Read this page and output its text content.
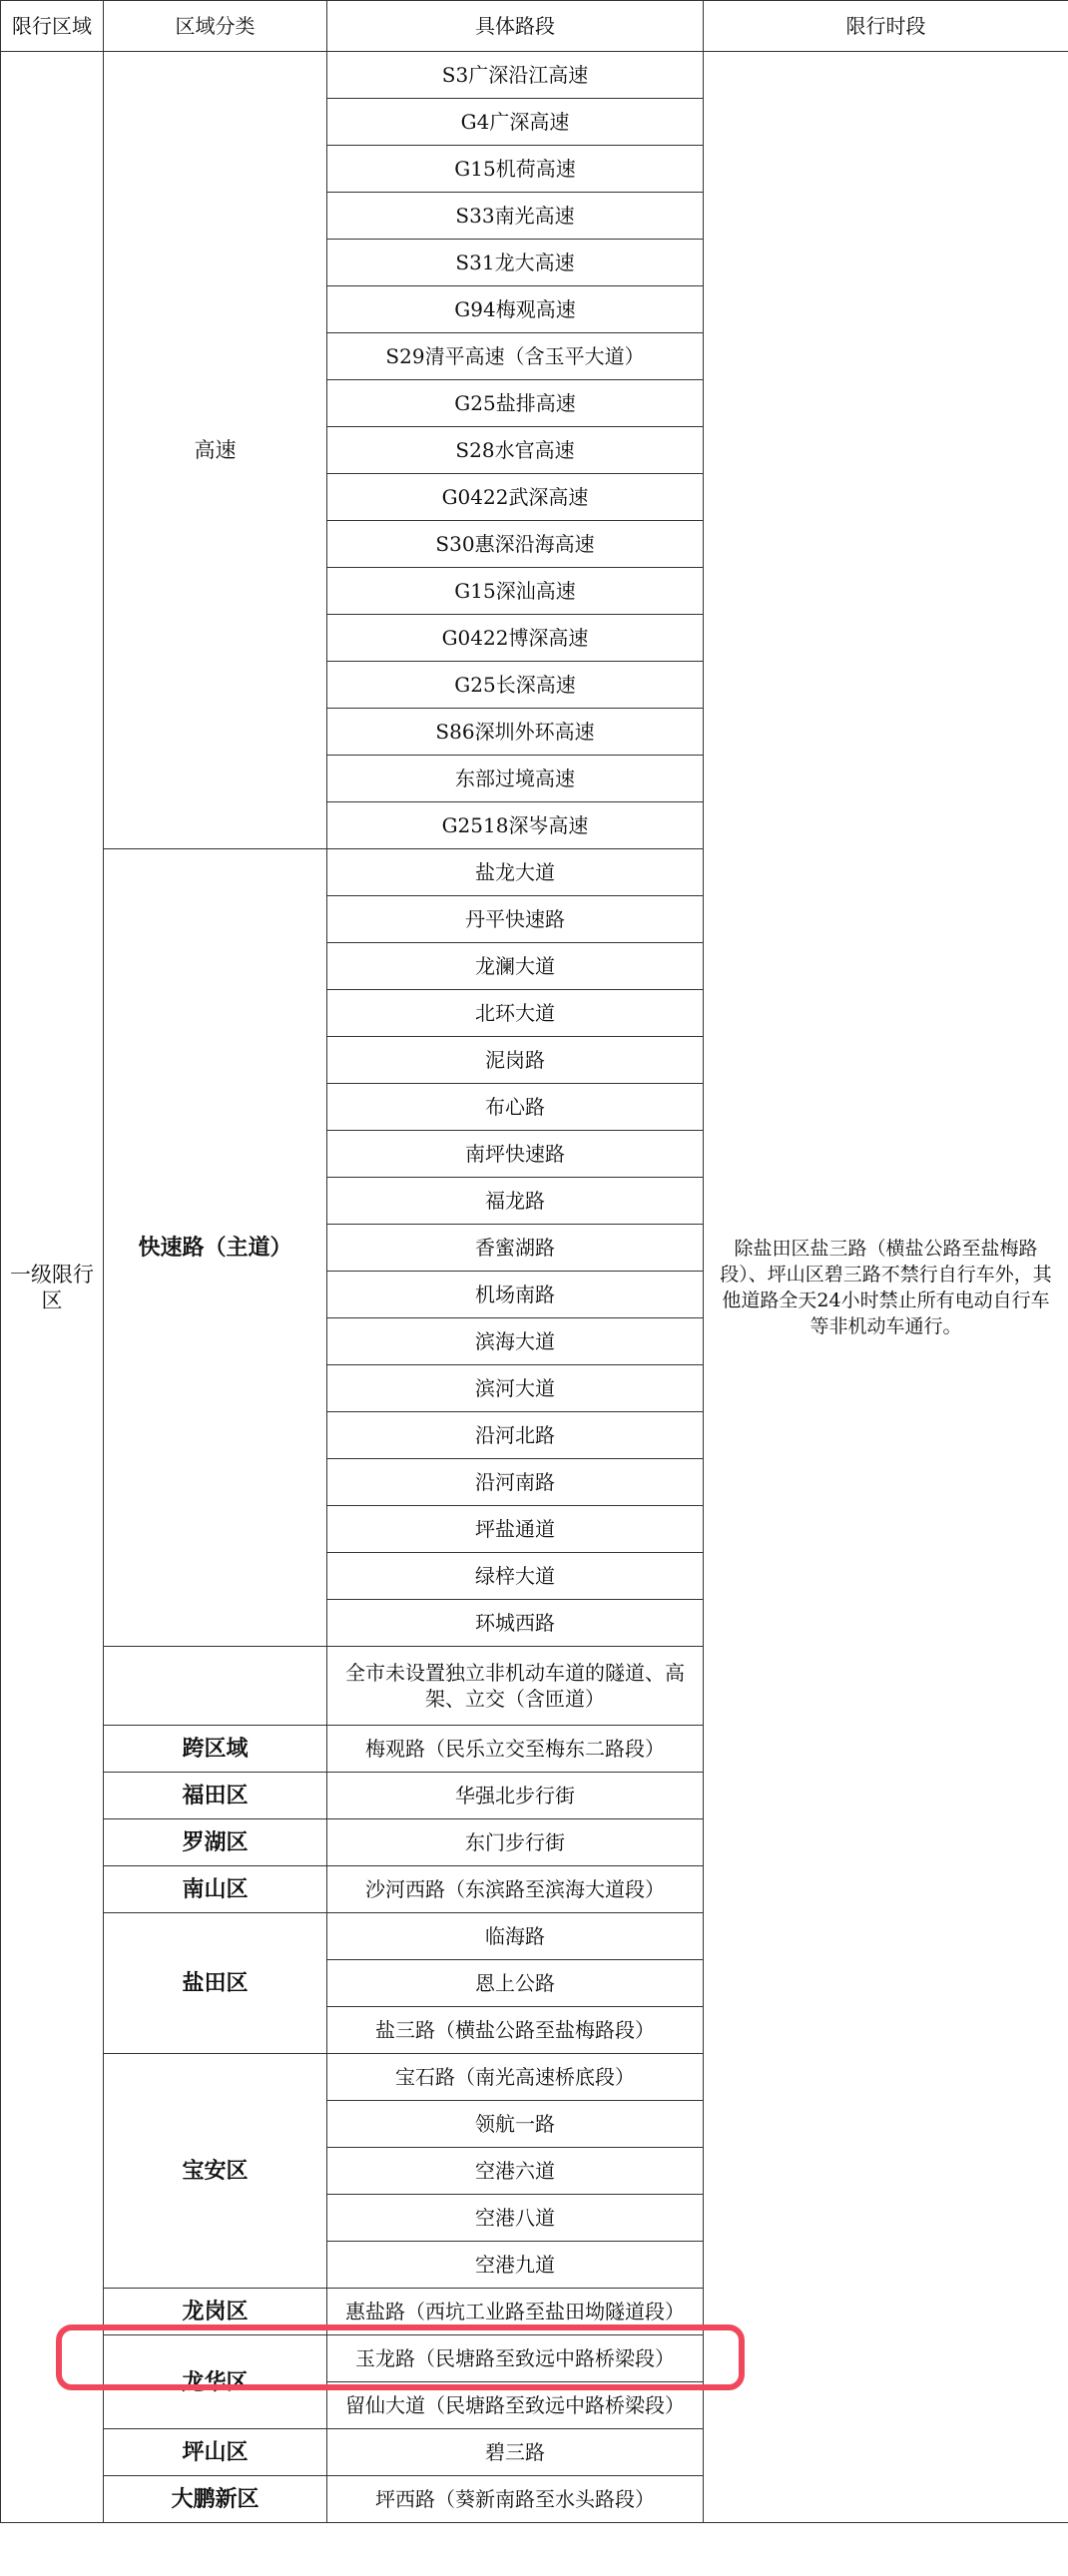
限行区域	区域分类	具体路段	限行时段
一级限行区	高速	S3广深沿江高速	除盐田区盐三路（横盐公路至盐梅路段）、坪山区碧三路不禁行自行车外，其他道路全天24小时禁止所有电动自行车等非机动车通行。
		G4广深高速	
		G15机荷高速	
		S33南光高速	
		S31龙大高速	
		G94梅观高速	
		S29清平高速（含玉平大道）	
		G25盐排高速	
		S28水官高速	
		G0422武深高速	
		S30惠深沿海高速	
		G15深汕高速	
		G0422博深高速	
		G25长深高速	
		S86深圳外环高速	
		东部过境高速	
		G2518深岑高速	
	快速路（主道）	盐龙大道	
		丹平快速路	
		龙澜大道	
		北环大道	
		泥岗路	
		布心路	
		南坪快速路	
		福龙路	
		香蜜湖路	
		机场南路	
		滨海大道	
		滨河大道	
		沿河北路	
		沿河南路	
		坪盐通道	
		绿梓大道	
		环城西路	
		全市未设置独立非机动车道的隧道、高架、立交（含匝道）	
	跨区域	梅观路（民乐立交至梅东二路段）	
	福田区	华强北步行街	
	罗湖区	东门步行街	
	南山区	沙河西路（东滨路至滨海大道段）	
	盐田区	临海路	
		恩上公路	
		盐三路（横盐公路至盐梅路段）	
	宝安区	宝石路（南光高速桥底段）	
		领航一路	
		空港六道	
		空港八道	
		空港九道	
	龙岗区	惠盐路（西坑工业路至盐田坳隧道段）	
	龙华区	玉龙路（民塘路至致远中路桥梁段）	
		留仙大道（民塘路至致远中路桥梁段）	
	坪山区	碧三路	
	大鹏新区	坪西路（葵新南路至水头路段）	
